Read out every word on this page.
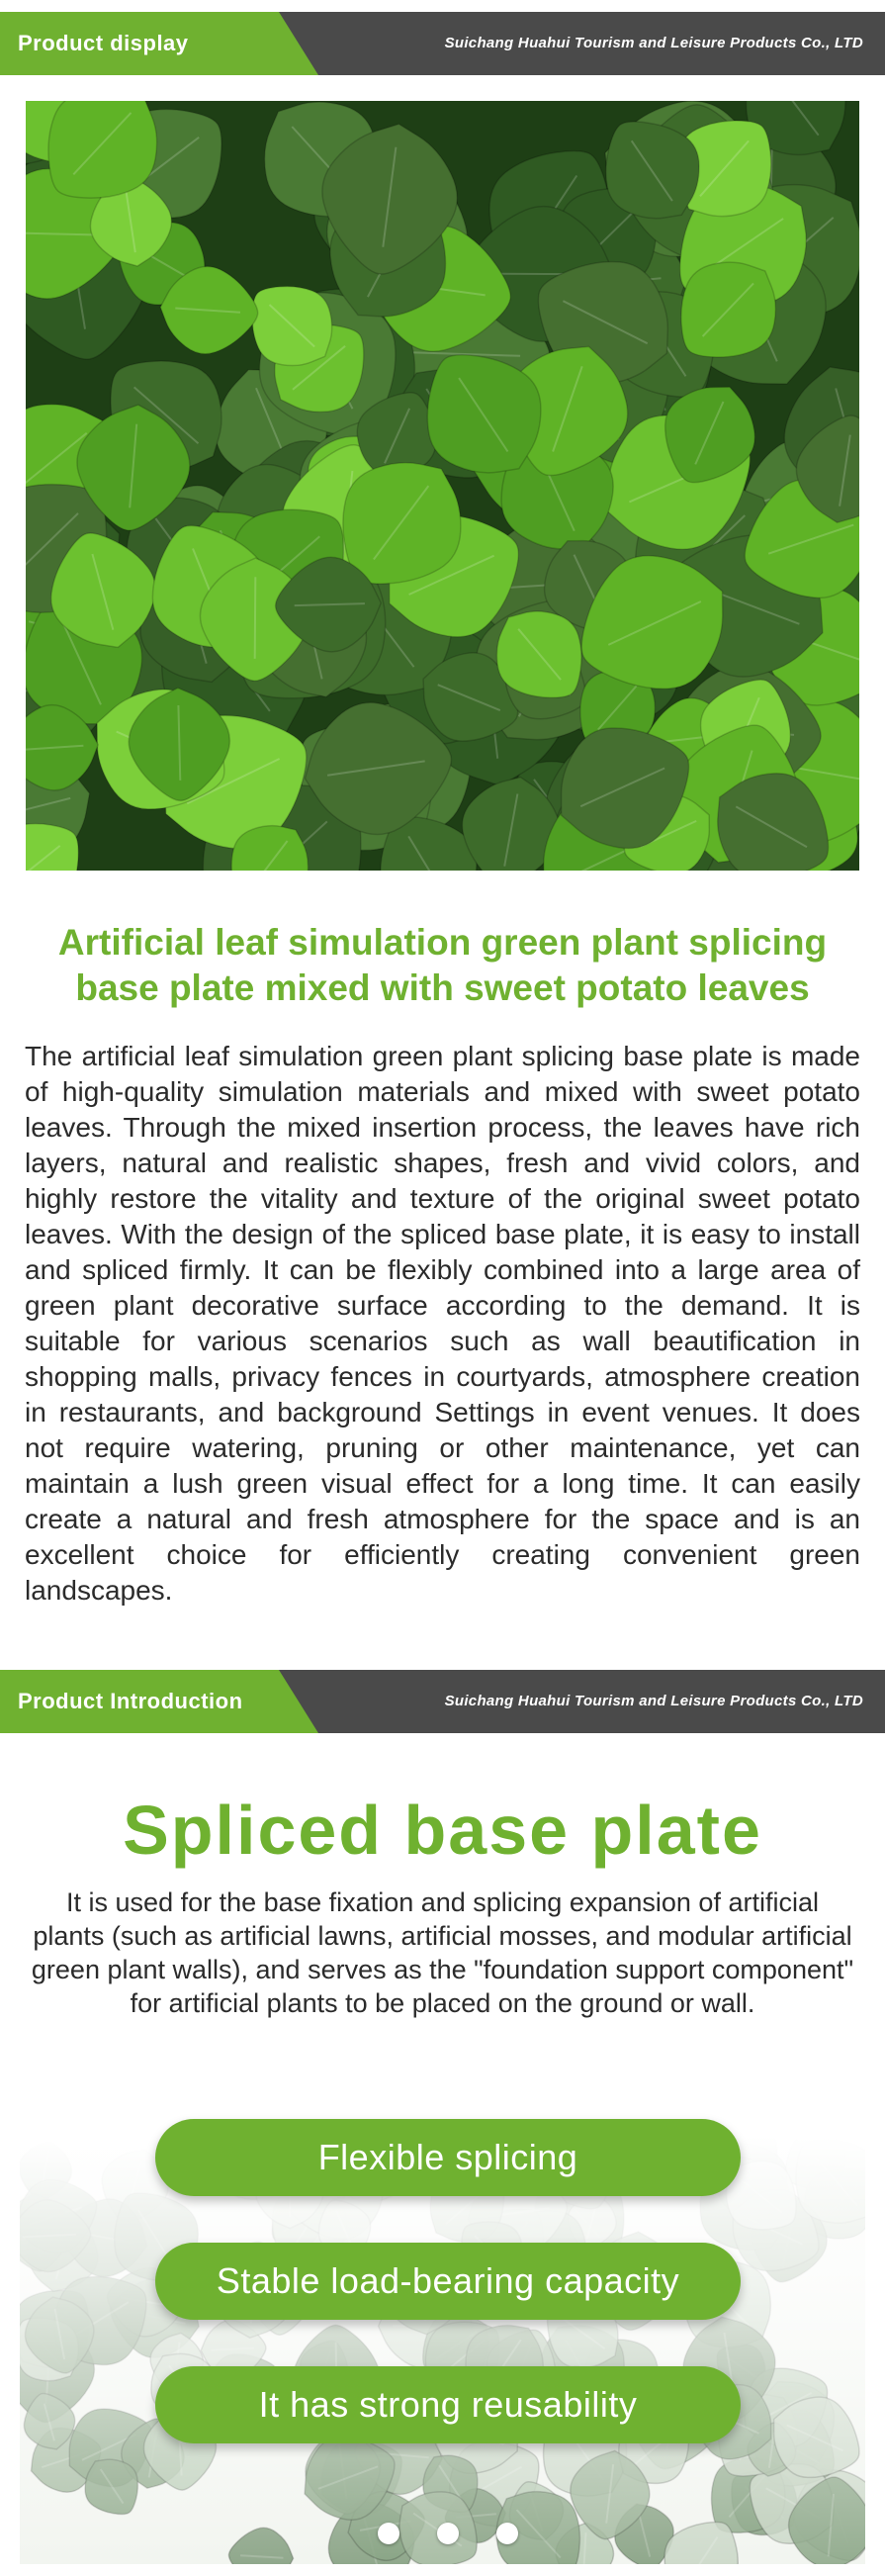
Product display	Suichang Huahui Tourism and Leisure Products Co., LTD
Artificial leaf simulation green plant splicing base plate mixed with sweet potato leaves
The artificial leaf simulation green plant splicing base plate is made of high-quality simulation materials and mixed with sweet potato leaves. Through the mixed insertion process, the leaves have rich layers, natural and realistic shapes, fresh and vivid colors, and highly restore the vitality and texture of the original sweet potato leaves. With the design of the spliced base plate, it is easy to install and spliced firmly. It can be flexibly combined into a large area of green plant decorative surface according to the demand. It is suitable for various scenarios such as wall beautification in shopping malls, privacy fences in courtyards, atmosphere creation in restaurants, and background Settings in event venues. It does not require watering, pruning or other maintenance, yet can maintain a lush green visual effect for a long time. It can easily create a natural and fresh atmosphere for the space and is an excellent choice for efficiently creating convenient green landscapes.
Product Introduction	Suichang Huahui Tourism and Leisure Products Co., LTD
Spliced base plate
It is used for the base fixation and splicing expansion of artificial plants (such as artificial lawns, artificial mosses, and modular artificial green plant walls), and serves as the "foundation support component" for artificial plants to be placed on the ground or wall.
Flexible splicing
Stable load-bearing capacity
It has strong reusability
